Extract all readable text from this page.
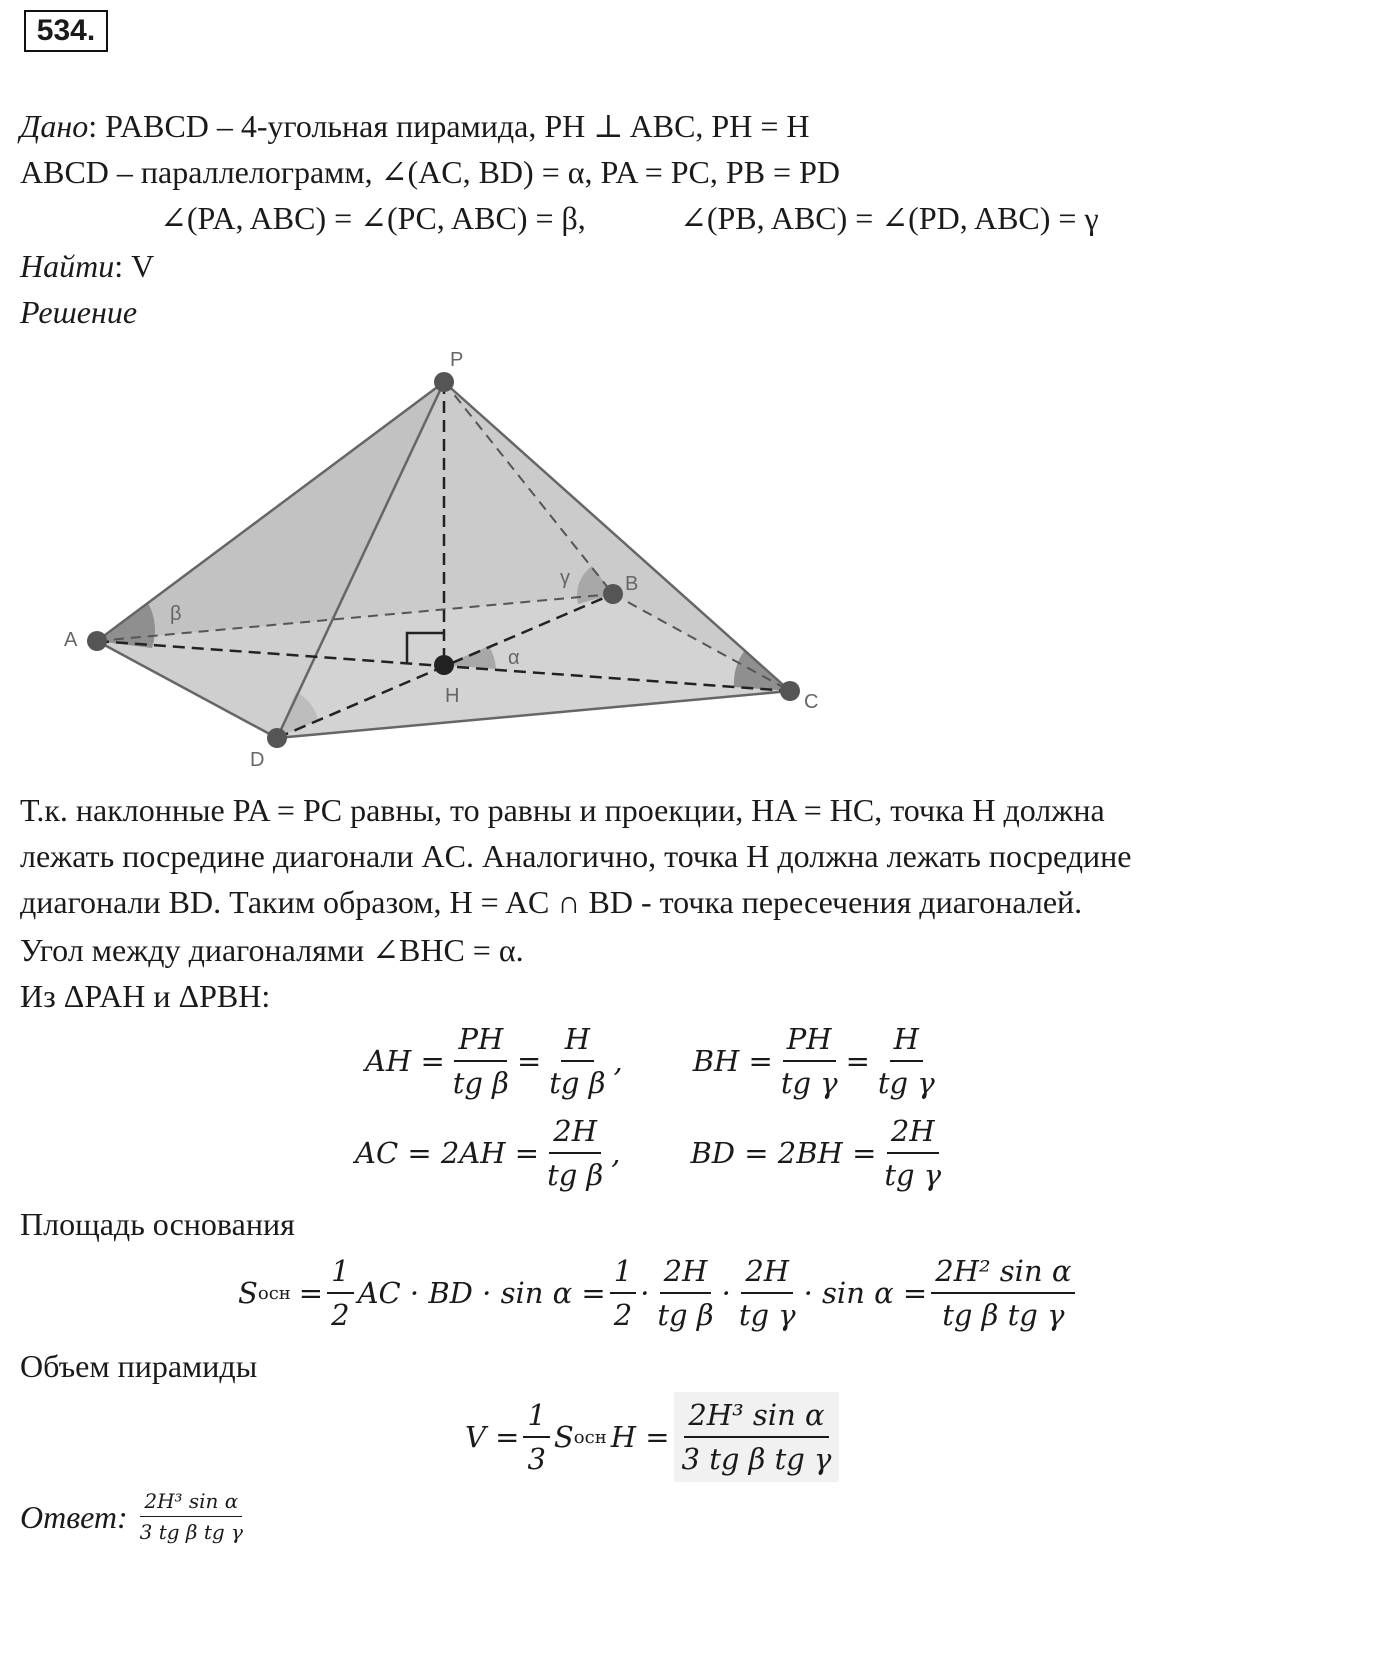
534.
Дано: PABCD – 4-угольная пирамида, PH ⊥ ABC, PH = H
ABCD – параллелограмм, ∠(AC, BD) = α, PA = PC, PB = PD
∠(PA, ABC) = ∠(PC, ABC) = β,	∠(PB, ABC) = ∠(PD, ABC) = γ
Найти: V
Решение
P
A
B
C
D
H
α
β
γ
Т.к. наклонные PA = PC равны, то равны и проекции, HA = HC, точка H должна
лежать посредине диагонали AC. Аналогично, точка H должна лежать посредине
диагонали BD. Таким образом, H = AC ∩ BD - точка пересечения диагоналей.
Угол между диагоналями ∠BHC = α.
Из ΔPAH и ΔPBH:
AH = $\frac{PH}{\text{tg β}} = \frac{H}{\text{tg β}}$ , BH = $\frac{PH}{\text{tg γ}} = \frac{H}{\text{tg γ}}$
AC = $2AH = \frac{2H}{\text{tg β}}$ , BD = $2BH = \frac{2H}{\text{tg γ}}$
Площадь основания
S осн = $\frac{1}{2}$ AC · BD · $\sin \alpha = \frac{1}{2} \cdot \frac{2H}{\text{tg β}} \cdot \frac{2H}{\text{tg γ}} \cdot \sin \alpha = \frac{\text{2H² sin α}}{\text{tg β tg γ}}$
Объем пирамиды
$V = \frac{1}{3}$ S осн $H = \frac{\text{2H³ sin α}}{\text{3 tg β tg γ}}$
Ответ: $\frac{\text{2H³ sin α}}{\text{3 tg β tg γ}}$
